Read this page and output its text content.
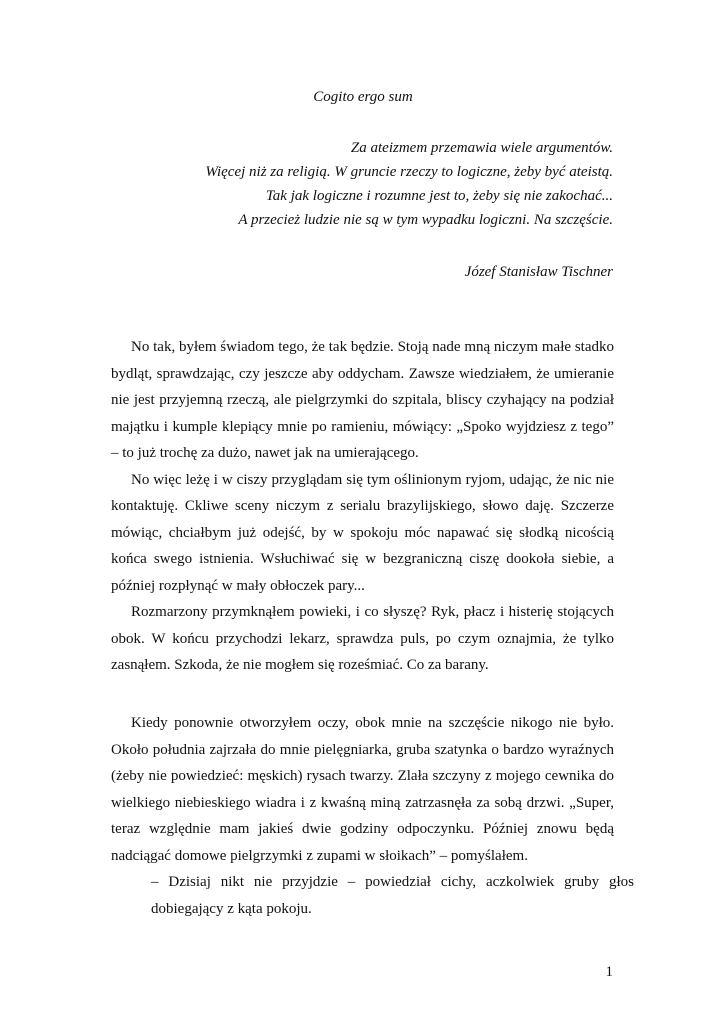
Cogito ergo sum
Za ateizmem przemawia wiele argumentów.
Więcej niż za religią. W gruncie rzeczy to logiczne, żeby być ateistą.
Tak jak logiczne i rozumne jest to, żeby się nie zakochać...
A przecież ludzie nie są w tym wypadku logiczni. Na szczęście.
Józef Stanisław Tischner

No tak, byłem świadom tego, że tak będzie. Stoją nade mną niczym małe stadko bydląt, sprawdzając, czy jeszcze aby oddycham. Zawsze wiedziałem, że umieranie nie jest przyjemną rzeczą, ale pielgrzymki do szpitala, bliscy czyhający na podział majątku i kumple klepiący mnie po ramieniu, mówiący: „Spoko wyjdziesz z tego” – to już trochę za dużo, nawet jak na umierającego.

No więc leżę i w ciszy przyglądam się tym oślinionym ryjom, udając, że nic nie kontaktuję. Ckliwe sceny niczym z serialu brazylijskiego, słowo daję. Szczerze mówiąc, chciałbym już odejść, by w spokoju móc napawać się słodką nicością końca swego istnienia. Wsłuchiwać się w bezgraniczną ciszę dookoła siebie, a później rozpłynąć w mały obłoczek pary...

Rozmarzony przymknąłem powieki, i co słyszę? Ryk, płacz i histerię stojących obok. W końcu przychodzi lekarz, sprawdza puls, po czym oznajmia, że tylko zasnąłem. Szkoda, że nie mogłem się roześmiać. Co za barany.

Kiedy ponownie otworzyłem oczy, obok mnie na szczęście nikogo nie było. Około południa zajrzała do mnie pielęgniarka, gruba szatynka o bardzo wyraźnych (żeby nie powiedzieć: męskich) rysach twarzy. Zlała szczyny z mojego cewnika do wielkiego niebieskiego wiadra i z kwaśną miną zatrzasnęła za sobą drzwi. „Super, teraz względnie mam jakieś dwie godziny odpoczynku. Później znowu będą nadciągać domowe pielgrzymki z zupami w słoikach” – pomyślałem.

– Dzisiaj nikt nie przyjdzie – powiedział cichy, aczkolwiek gruby głos dobiegający z kąta pokoju.

1
